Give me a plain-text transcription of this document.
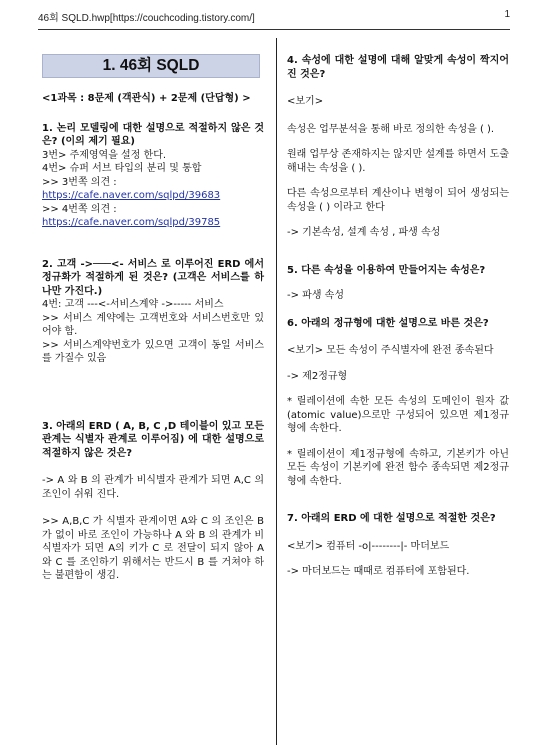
46회 SQLD.hwp[https://couchcoding.tistory.com/]	1
1. 46회 SQLD

<1과목 : 8문제 (객관식) + 2문제 (단답형) >

1. 논리 모델링에 대한 설명으로 적절하지 않은 것은? (이의 제기 필요)

3번> 주제영역을 설정 한다.

4번> 슈퍼 서브 타입의 분리 및 통합

>> 3번쪽 의견 : https://cafe.naver.com/sqlpd/39683

>> 4번쪽 의견 : https://cafe.naver.com/sqlpd/39785

2. 고객 ->───<- 서비스 로 이루어진 ERD 에서 정규화가 적절하게 된 것은? (고객은 서비스를 하나만 가진다.)

4번: 고객 ---<-서비스계약 ->----- 서비스

>> 서비스 계약에는 고객번호와 서비스번호만 있어야 함.

>> 서비스계약번호가 있으면 고객이 동일 서비스를 가질수 있음

3. 아래의 ERD ( A, B, C ,D 테이블이 있고 모든 관계는 식별자 관계로 이루어짐) 에 대한 설명으로 적절하지 않은 것은?

-> A 와 B 의 관계가 비식별자 관계가 되면 A,C 의 조인이 쉬워 진다.

>> A,B,C 가 식별자 관계이면 A와 C 의 조인은 B 가 없이 바로 조인이 가능하나 A 와 B 의 관계가 비식별자가 되면 A의 키가 C 로 전달이 되지 않아 A와 C 를 조인하기 위해서는 반드시 B 를 거쳐야 하는 불편함이 생김.

4. 속성에 대한 설명에 대해 알맞게 속성이 짝지어진 것은?

<보기>

속성은 업무분석을 통해 바로 정의한 속성을 ( ).

원래 업무상 존재하지는 않지만 설계를 하면서 도출해내는 속성을 ( ).

다른 속성으로부터 계산이나 변형이 되어 생성되는 속성을 ( ) 이라고 한다

-> 기본속성, 설계 속성 , 파생 속성

5. 다른 속성을 이용하여 만들어지는 속성은?

-> 파생 속성

6. 아래의 정규형에 대한 설명으로 바른 것은?

<보기> 모든 속성이 주식별자에 완전 종속된다

-> 제2정규형

* 릴레이션에 속한 모든 속성의 도메인이 원자 값(atomic value)으로만 구성되어 있으면 제1정규형에 속한다.

* 릴레이션이 제1정규형에 속하고, 기본키가 아닌 모든 속성이 기본키에 완전 함수 종속되면 제2정규형에 속한다.

7. 아래의 ERD 에 대한 설명으로 적절한 것은?

<보기> 컴퓨터 -o|--------|- 마더보드

-> 마더보드는 때때로 컴퓨터에 포함된다.
